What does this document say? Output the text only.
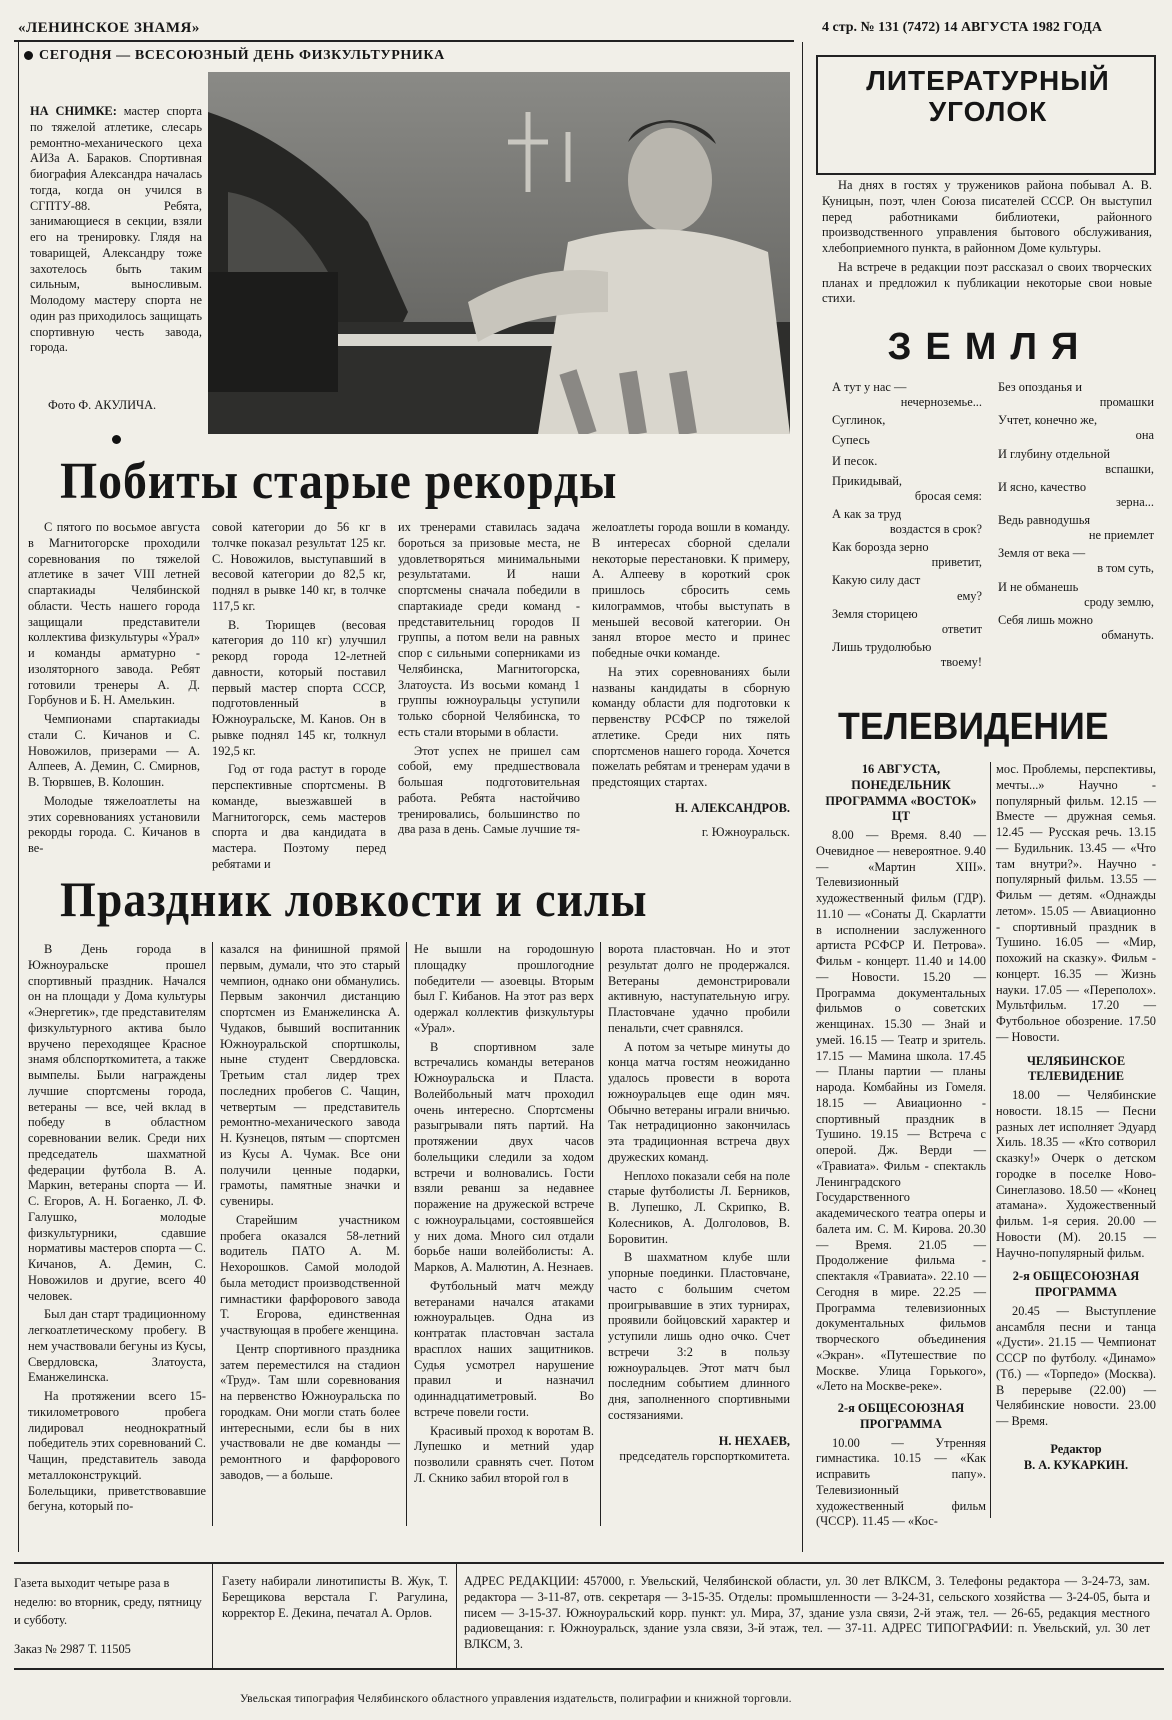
«ЛЕНИНСКОЕ ЗНАМЯ»	4 стр. № 131 (7472) 14 АВГУСТА 1982 ГОДА
СЕГОДНЯ — ВСЕСОЮЗНЫЙ ДЕНЬ ФИЗКУЛЬТУРНИКА
НА СНИМКЕ: мастер спорта по тяжелой атлетике, слесарь ремонтно-механического цеха АИЗа А. Бараков. Спортивная биография Александра началась тогда, когда он учился в СГПТУ-88. Ребята, занимающиеся в секции, взяли его на тренировку. Глядя на товарищей, Александру тоже захотелось быть таким сильным, выносливым. Молодому мастеру спорта не один раз приходилось защищать спортивную честь завода, города.
Фото Ф. АКУЛИЧА.
Побиты старые рекорды

С пятого по восьмое августа в Магнитогорске проходили соревнования по тяжелой атлетике в зачет VIII летней спартакиады Челябинской области. Честь нашего города защищали представители коллектива физкультуры «Урал» и команды арматурно - изоляторного завода. Ребят готовили тренеры А. Д. Горбунов и Б. Н. Амелькин.

Чемпионами спартакиады стали С. Кичанов и С. Новожилов, призерами — А. Алпеев, А. Демин, С. Смирнов, В. Тюрвшев, В. Колошин.

Молодые тяжелоатлеты на этих соревнованиях установили рекорды города. С. Кичанов в ве-

совой категории до 56 кг в толчке показал результат 125 кг. С. Новожилов, выступавший в весовой категории до 82,5 кг, поднял в рывке 140 кг, в толчке 117,5 кг.

В. Тюрищев (весовая категория до 110 кг) улучшил рекорд города 12-летней давности, который поставил первый мастер спорта СССР, подготовленный в Южноуральске, М. Канов. Он в рывке поднял 145 кг, толкнул 192,5 кг.

Год от года растут в городе перспективные спортсмены. В команде, выезжавшей в Магнитогорск, семь мастеров спорта и два кандидата в мастера. Поэтому перед ребятами и

их тренерами ставилась задача бороться за призовые места, не удовлетворяться минимальными результатами. И наши спортсмены сначала победили в спартакиаде среди команд - представительниц городов II группы, а потом вели на равных спор с сильными соперниками из Челябинска, Магнитогорска, Златоуста. Из восьми команд 1 группы южноуральцы уступили только сборной Челябинска, то есть стали вторыми в области.

Этот успех не пришел сам собой, ему предшествовала большая подготовительная работа. Ребята настойчиво тренировались, большинство по два раза в день. Самые лучшие тя-

желоатлеты города вошли в команду. В интересах сборной сделали некоторые перестановки. К примеру, А. Алпееву в короткий срок пришлось сбросить семь килограммов, чтобы выступать в меньшей весовой категории. Он занял второе место и принес победные очки команде.

На этих соревнованиях были названы кандидаты в сборную команду области для подготовки к первенству РСФСР по тяжелой атлетике. Среди них пять спортсменов нашего города. Хочется пожелать ребятам и тренерам удачи в предстоящих стартах.

Н. АЛЕКСАНДРОВ.

г. Южноуральск.

Праздник ловкости и силы

В День города в Южноуральске прошел спортивный праздник. Начался он на площади у Дома культуры «Энергетик», где представителям физкультурного актива было вручено переходящее Красное знамя облспорткомитета, а также вымпелы. Были награждены лучшие спортсмены города, ветераны — все, чей вклад в победу в областном соревновании велик. Среди них председатель шахматной федерации футбола В. А. Маркин, ветераны спорта — И. С. Егоров, А. Н. Богаенко, Л. Ф. Галушко, молодые физкультурники, сдавшие нормативы мастеров спорта — С. Кичанов, А. Демин, С. Новожилов и другие, всего 40 человек.

Был дан старт традиционному легкоатлетическому пробегу. В нем участвовали бегуны из Кусы, Свердловска, Златоуста, Еманжелинска.

На протяжении всего 15-тикилометрового пробега лидировал неоднократный победитель этих соревнований С. Чащин, представитель завода металлоконструкций. Болельщики, приветствовавшие бегуна, который по-

казался на финишной прямой первым, думали, что это старый чемпион, однако они обманулись. Первым закончил дистанцию спортсмен из Еманжелинска А. Чудаков, бывший воспитанник Южноуральской спортшколы, ныне студент Свердловска. Третьим стал лидер трех последних пробегов С. Чащин, четвертым — представитель ремонтно-механического завода Н. Кузнецов, пятым — спортсмен из Кусы А. Чумак. Все они получили ценные подарки, грамоты, памятные значки и сувениры.

Старейшим участником пробега оказался 58-летний водитель ПАТО А. М. Нехорошков. Самой молодой была методист производственной гимнастики фарфорового завода Т. Егорова, единственная участвующая в пробеге женщина.

Центр спортивного праздника затем переместился на стадион «Труд». Там шли соревнования на первенство Южноуральска по городкам. Они могли стать более интересными, если бы в них участвовали не две команды — ремонтного и фарфорового заводов, — а больше.

Не вышли на городошную площадку прошлогодние победители — азоевцы. Вторым был Г. Кибанов. На этот раз верх одержал коллектив физкультуры «Урал».

В спортивном зале встречались команды ветеранов Южноуральска и Пласта. Волейбольный матч проходил очень интересно. Спортсмены разыгрывали пять партий. На протяжении двух часов болельщики следили за ходом встречи и волновались. Гости взяли реванш за недавнее поражение на дружеской встрече с южноуральцами, состоявшейся у них дома. Много сил отдали борьбе наши волейболисты: А. Марков, А. Малютин, А. Незнаев.

Футбольный матч между ветеранами начался атаками южноуральцев. Одна из контратак пластовчан застала врасплох наших защитников. Судья усмотрел нарушение правил и назначил одиннадцатиметровый. Во встрече повели гости.

Красивый проход к воротам В. Лупешко и метний удар позволили сравнять счет. Потом Л. Скнико забил второй гол в

ворота пластовчан. Но и этот результат долго не продержался. Ветераны демонстрировали активную, наступательную игру. Пластовчане удачно пробили пенальти, счет сравнялся.

А потом за четыре минуты до конца матча гостям неожиданно удалось провести в ворота южноуральцев еще один мяч. Обычно ветераны играли вничью. Так нетрадиционно закончилась эта традиционная встреча двух дружеских команд.

Неплохо показали себя на поле старые футболисты Л. Берников, В. Лупешко, Л. Скрипко, В. Колесников, А. Долголовов, В. Боровитин.

В шахматном клубе шли упорные поединки. Пластовчане, часто с большим счетом проигрывавшие в этих турнирах, проявили бойцовский характер и уступили лишь одно очко. Счет встречи 3:2 в пользу южноуральцев. Этот матч был последним событием длинного дня, заполненного спортивными состязаниями.

Н. НЕХАЕВ,

председатель горспорткомитета.

ЛИТЕРАТУРНЫЙ
УГОЛОК

На днях в гостях у тружеников района побывал А. В. Куницын, поэт, член Союза писателей СССР. Он выступил перед работниками библиотеки, районного производственного управления бытового обслуживания, хлебоприемного пункта, в районном Доме культуры.

На встрече в редакции поэт рассказал о своих творческих планах и предложил к публикации некоторые свои новые стихи.

ЗЕМЛЯ
А тут у нас —
нечерноземье...
Суглинок,
Супесь
И песок.
Прикидывай,
бросая семя:
А как за труд
воздастся в срок?
Как борозда зерно
приветит,
Какую силу даст
ему?
Земля сторицею
ответит
Лишь трудолюбью
твоему!
Без опозданья и
промашки
Учтет, конечно же,
она
И глубину отдельной
вспашки,
И ясно, качество
зерна...
Ведь равнодушья
не приемлет
Земля от века —
в том суть,
И не обманешь
сроду землю,
Себя лишь можно
обмануть.
ТЕЛЕВИДЕНИЕ

16 АВГУСТА, ПОНЕДЕЛЬНИК ПРОГРАММА «ВОСТОК» ЦТ

8.00 — Время. 8.40 — Очевидное — невероятное. 9.40 — «Мартин ХIII». Телевизионный художественный фильм (ГДР). 11.10 — «Сонаты Д. Скарлатти в исполнении заслуженного артиста РСФСР И. Петрова». Фильм - концерт. 11.40 и 14.00 — Новости. 15.20 — Программа документальных фильмов о советских женщинах. 15.30 — Знай и умей. 16.15 — Театр и зритель. 17.15 — Мамина школа. 17.45 — Планы партии — планы народа. Комбайны из Гомеля. 18.15 — Авиационно - спортивный праздник в Тушино. 19.15 — Встреча с оперой. Дж. Верди — «Травиата». Фильм - спектакль Ленинградского Государственного академического театра оперы и балета им. С. М. Кирова. 20.30 — Время. 21.05 — Продолжение фильма - спектакля «Травиата». 22.10 — Сегодня в мире. 22.25 — Программа телевизионных документальных фильмов творческого объединения «Экран». «Путешествие по Москве. Улица Горького», «Лето на Москве-реке».

2-я ОБЩЕСОЮЗНАЯ ПРОГРАММА

10.00 — Утренняя гимнастика. 10.15 — «Как исправить папу». Телевизионный художественный фильм (ЧССР). 11.45 — «Кос-

мос. Проблемы, перспективы, мечты...» Научно - популярный фильм. 12.15 — Вместе — дружная семья. 12.45 — Русская речь. 13.15 — Будильник. 13.45 — «Что там внутри?». Научно - популярный фильм. 13.55 — Фильм — детям. «Однажды летом». 15.05 — Авиационно - спортивный праздник в Тушино. 16.05 — «Мир, похожий на сказку». Фильм - концерт. 16.35 — Жизнь науки. 17.05 — «Переполох». Мультфильм. 17.20 — Футбольное обозрение. 17.50 — Новости.

ЧЕЛЯБИНСКОЕ ТЕЛЕВИДЕНИЕ

18.00 — Челябинские новости. 18.15 — Песни разных лет исполняет Эдуард Хиль. 18.35 — «Кто сотворил сказку!» Очерк о детском городке в поселке Ново-Синеглазово. 18.50 — «Конец атамана». Художественный фильм. 1-я серия. 20.00 — Новости (М). 20.15 — Научно-популярный фильм.

2-я ОБЩЕСОЮЗНАЯ ПРОГРАММА

20.45 — Выступление ансамбля песни и танца «Дусти». 21.15 — Чемпионат СССР по футболу. «Динамо» (Тб.) — «Торпедо» (Москва). В перерыве (22.00) — Челябинские новости. 23.00 — Время.

Редактор

В. А. КУКАРКИН.

Газета выходит четыре раза в неделю: во вторник, среду, пятницу и субботу.

Заказ № 2987 Т. 11505

Газету набирали линотиписты В. Жук, Т. Берещикова верстала Г. Рагулина, корректор Е. Декина, печатал А. Орлов.
АДРЕС РЕДАКЦИИ: 457000, г. Увельский, Челябинской области, ул. 30 лет ВЛКСМ, 3. Телефоны редактора — 3-24-73, зам. редактора — 3-11-87, отв. секретаря — 3-15-35. Отделы: промышленности — 3-24-31, сельского хозяйства — 3-24-05, быта и писем — 3-15-37. Южноуральский корр. пункт: ул. Мира, 37, здание узла связи, 2-й этаж, тел. — 26-65, редакция местного радиовещания: г. Южноуральск, здание узла связи, 3-й этаж, тел. — 37-11. АДРЕС ТИПОГРАФИИ: п. Увельский, ул. 30 лет ВЛКСМ, 3.
Увельская типография Челябинского областного управления издательств, полиграфии и книжной торговли.
